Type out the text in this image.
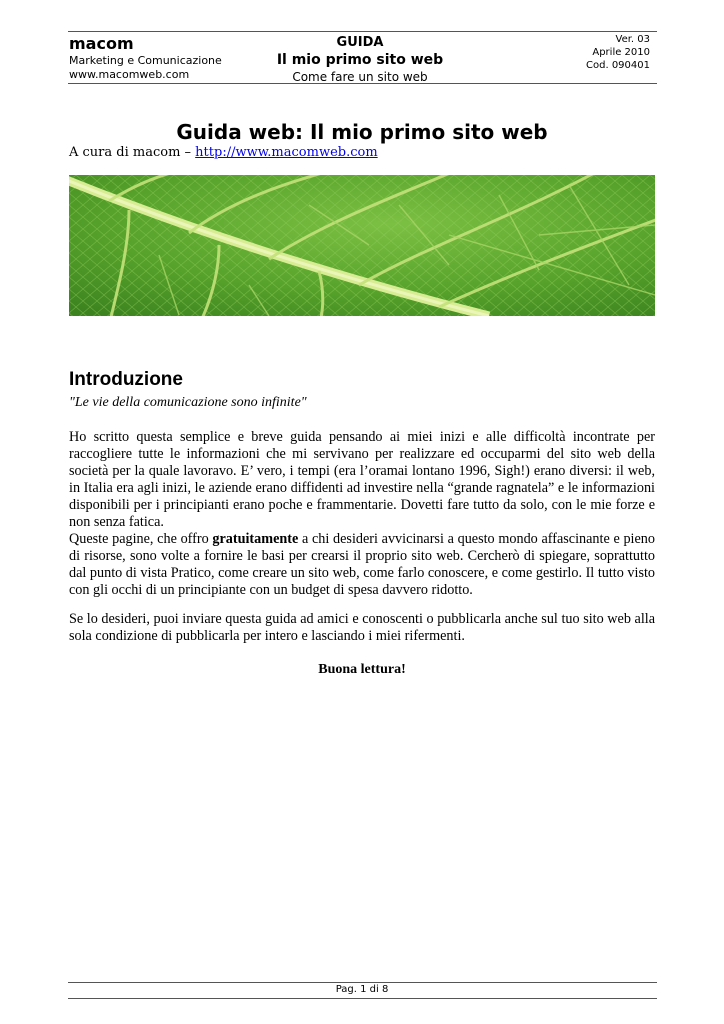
macom
Marketing e Comunicazione
www.macomweb.com
GUIDA
Il mio primo sito web
Come fare un sito web
Ver. 03
Aprile 2010
Cod. 090401
Guida web: Il mio primo sito web
A cura di macom – http://www.macomweb.com
Introduzione
"Le vie della comunicazione sono infinite"
Ho scritto questa semplice e breve guida pensando ai miei inizi e alle difficoltà incontrate per raccogliere tutte le informazioni che mi servivano per realizzare ed occuparmi del sito web della società per la quale lavoravo. E’ vero, i tempi (era l’oramai lontano 1996, Sigh!) erano diversi: il web, in Italia era agli inizi, le aziende erano diffidenti ad investire nella “grande ragnatela” e le informazioni disponibili per i principianti erano poche e frammentarie. Dovetti fare tutto da solo, con le mie forze e non senza fatica.
Queste pagine, che offro gratuitamente a chi desideri avvicinarsi a questo mondo affascinante e pieno di risorse, sono volte a fornire le basi per crearsi il proprio sito web. Cercherò di spiegare, soprattutto dal punto di vista Pratico, come creare un sito web, come farlo conoscere, e come gestirlo. Il tutto visto con gli occhi di un principiante con un budget di spesa davvero ridotto.
Se lo desideri, puoi inviare questa guida ad amici e conoscenti o pubblicarla anche sul tuo sito web alla sola condizione di pubblicarla per intero e lasciando i miei rifermenti.
Buona lettura!
Pag. 1 di 8
